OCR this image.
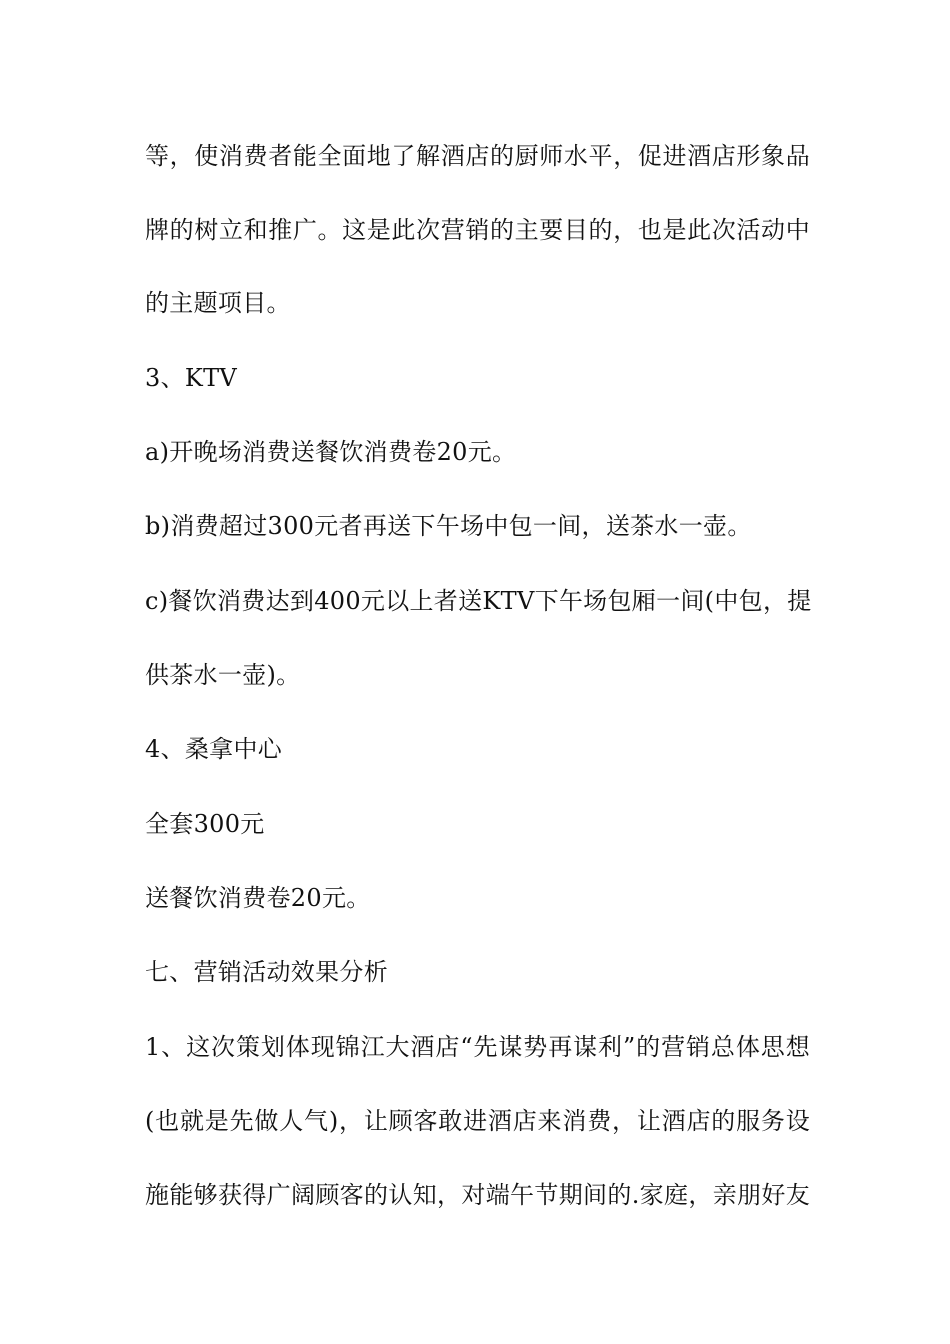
等，使消费者能全面地了解酒店的厨师水平，促进酒店形象品
牌的树立和推广。这是此次营销的主要目的，也是此次活动中
的主题项目。
3、KTV
a)开晚场消费送餐饮消费卷20元。
b)消费超过300元者再送下午场中包一间，送茶水一壶。
c)餐饮消费达到400元以上者送KTV下午场包厢一间(中包，提
供茶水一壶)。
4、桑拿中心
全套300元
送餐饮消费卷20元。
七、营销活动效果分析
1、这次策划体现锦江大酒店“先谋势再谋利”的营销总体思想
(也就是先做人气)，让顾客敢进酒店来消费，让酒店的服务设
施能够获得广阔顾客的认知，对端午节期间的.家庭，亲朋好友
